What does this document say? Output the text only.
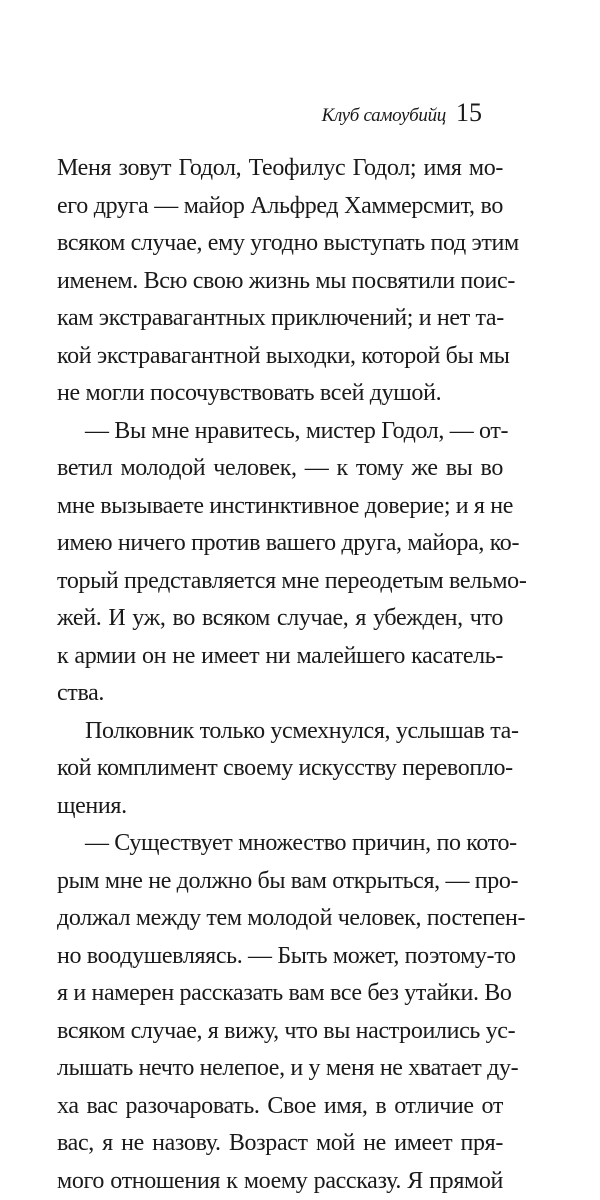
Клуб самоубийц 15
Меня зовут Годол, Теофилус Годол; имя мо-
его друга — майор Альфред Хаммерсмит, во
всяком случае, ему угодно выступать под этим
именем. Всю свою жизнь мы посвятили поис-
кам экстравагантных приключений; и нет та-
кой экстравагантной выходки, которой бы мы
не могли посочувствовать всей душой.
— Вы мне нравитесь, мистер Годол, — от-
ветил молодой человек, — к тому же вы во
мне вызываете инстинктивное доверие; и я не
имею ничего против вашего друга, майора, ко-
торый представляется мне переодетым вельмо-
жей. И уж, во всяком случае, я убежден, что
к армии он не имеет ни малейшего касатель-
ства.
Полковник только усмехнулся, услышав та-
кой комплимент своему искусству перевопло-
щения.
— Существует множество причин, по кото-
рым мне не должно бы вам открыться, — про-
должал между тем молодой человек, постепен-
но воодушевляясь. — Быть может, поэтому-то
я и намерен рассказать вам все без утайки. Во
всяком случае, я вижу, что вы настроились ус-
лышать нечто нелепое, и у меня не хватает ду-
ха вас разочаровать. Свое имя, в отличие от
вас, я не назову. Возраст мой не имеет пря-
мого отношения к моему рассказу. Я прямой
